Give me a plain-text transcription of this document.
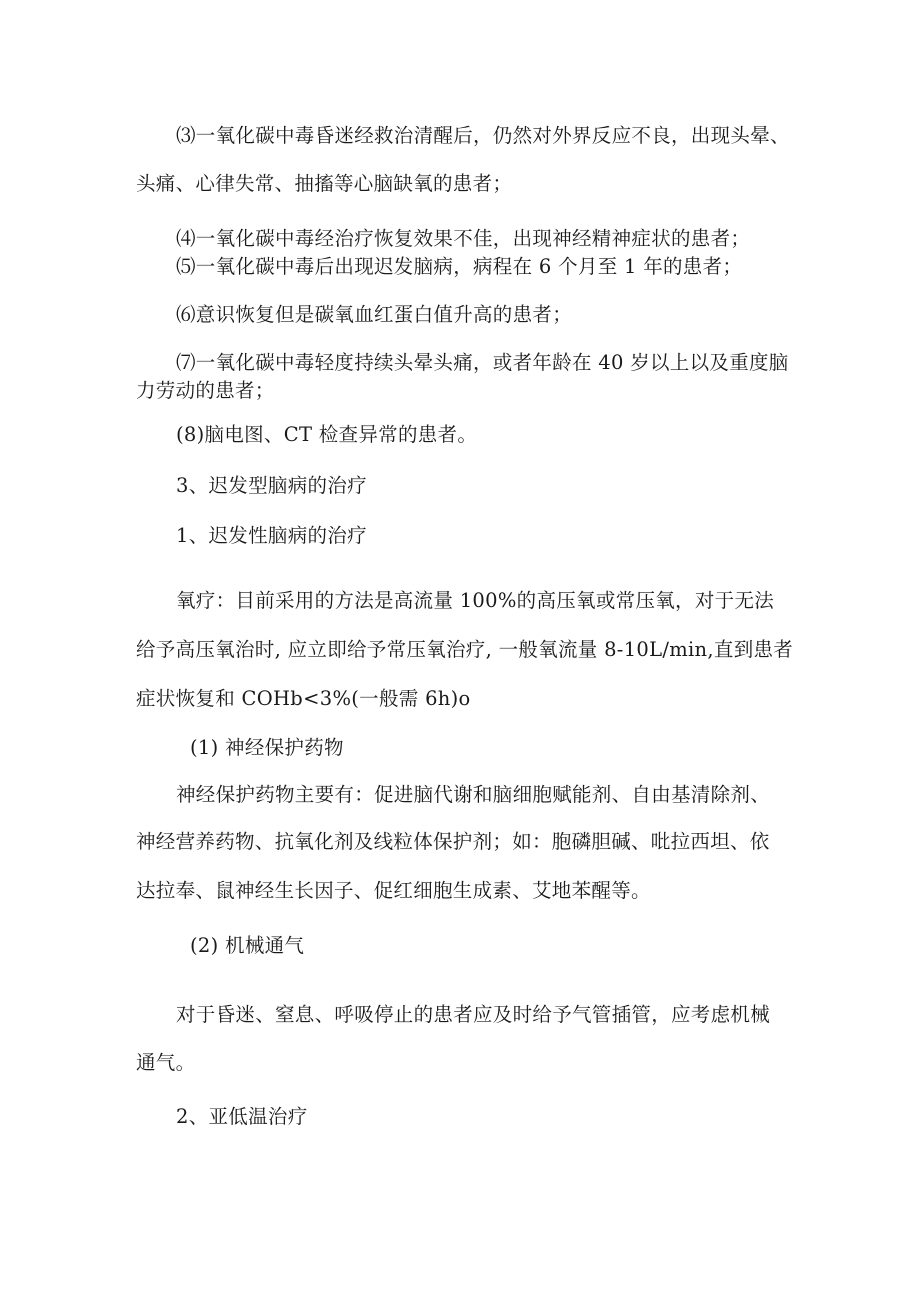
⑶一氧化碳中毒昏迷经救治清醒后，仍然对外界反应不良，出现头晕、

头痛、心律失常、抽搐等心脑缺氧的患者；

⑷一氧化碳中毒经治疗恢复效果不佳，出现神经精神症状的患者；

⑸一氧化碳中毒后出现迟发脑病，病程在 6 个月至 1 年的患者；

⑹意识恢复但是碳氧血红蛋白值升高的患者；

⑺一氧化碳中毒轻度持续头晕头痛，或者年龄在 40 岁以上以及重度脑

力劳动的患者；

(8)脑电图、CT 检查异常的患者。

3、迟发型脑病的治疗

1、迟发性脑病的治疗

氧疗：目前采用的方法是高流量 100%的高压氧或常压氧，对于无法

给予高压氧治时, 应立即给予常压氧治疗, 一般氧流量 8-10L∕min,直到患者

症状恢复和 COHb<3%(一般需 6h)o

(1) 神经保护药物

神经保护药物主要有：促进脑代谢和脑细胞赋能剂、自由基清除剂、

神经营养药物、抗氧化剂及线粒体保护剂；如：胞磷胆碱、吡拉西坦、依

达拉奉、鼠神经生长因子、促红细胞生成素、艾地苯醒等。

(2) 机械通气

对于昏迷、窒息、呼吸停止的患者应及时给予气管插管，应考虑机械

通气。

2、亚低温治疗
